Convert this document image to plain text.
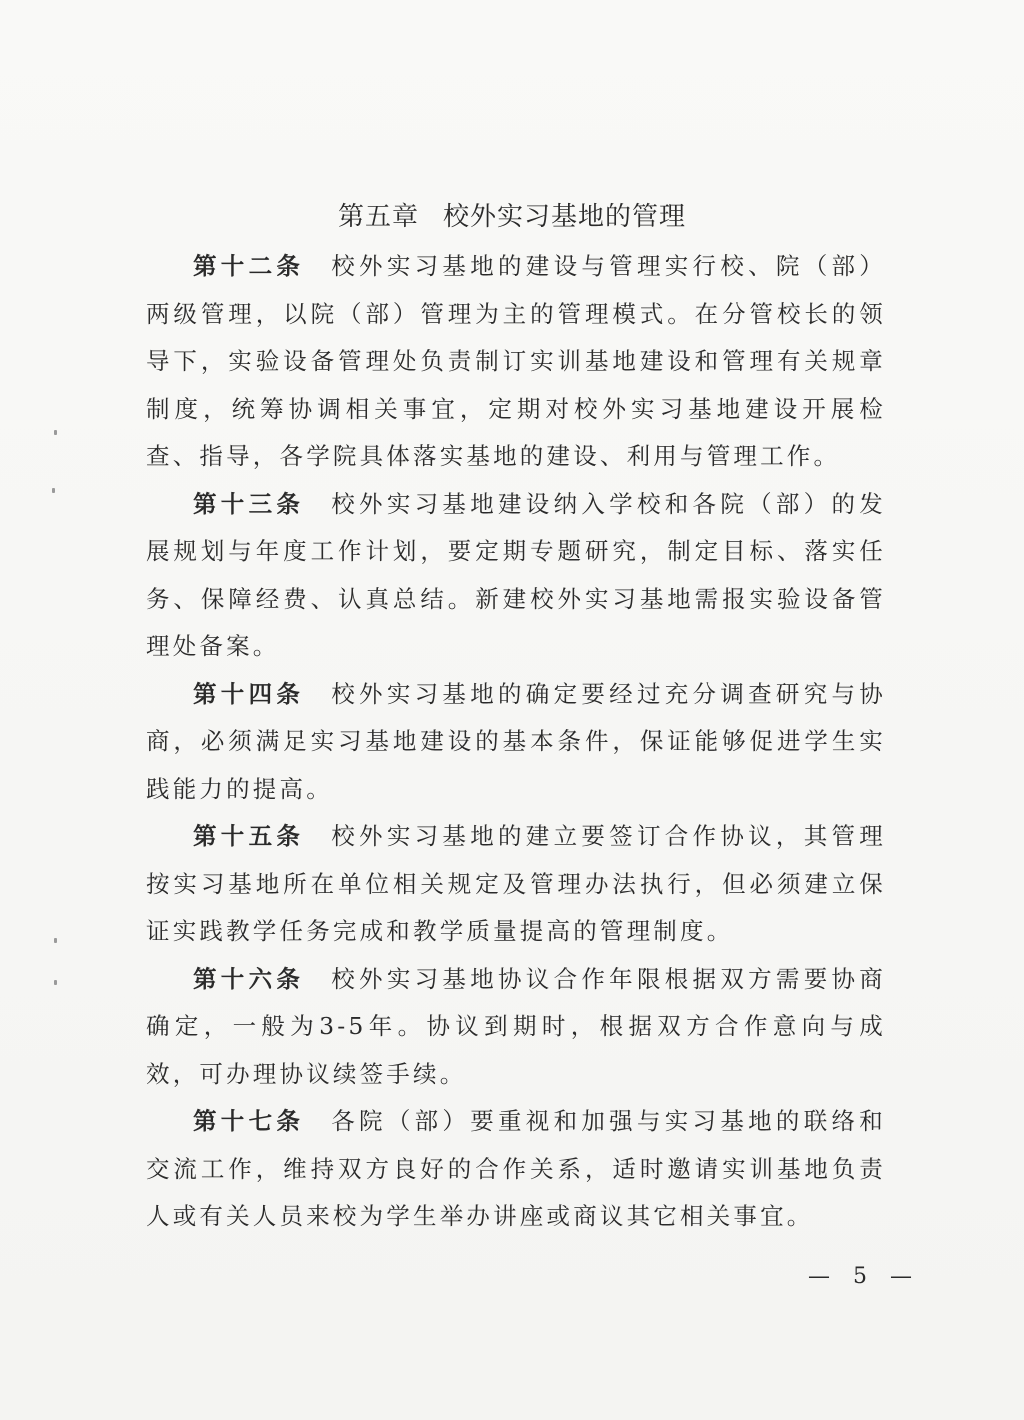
第五章 校外实习基地的管理

第十二条 校外实习基地的建设与管理实行校、院（部）两级管理，以院（部）管理为主的管理模式。在分管校长的领导下，实验设备管理处负责制订实训基地建设和管理有关规章制度，统筹协调相关事宜，定期对校外实习基地建设开展检查、指导，各学院具体落实基地的建设、利用与管理工作。

第十三条 校外实习基地建设纳入学校和各院（部）的发展规划与年度工作计划，要定期专题研究，制定目标、落实任务、保障经费、认真总结。新建校外实习基地需报实验设备管理处备案。

第十四条 校外实习基地的确定要经过充分调查研究与协商，必须满足实习基地建设的基本条件，保证能够促进学生实践能力的提高。

第十五条 校外实习基地的建立要签订合作协议，其管理按实习基地所在单位相关规定及管理办法执行，但必须建立保证实践教学任务完成和教学质量提高的管理制度。

第十六条 校外实习基地协议合作年限根据双方需要协商确定，一般为3-5年。协议到期时，根据双方合作意向与成效，可办理协议续签手续。

第十七条 各院（部）要重视和加强与实习基地的联络和交流工作，维持双方良好的合作关系，适时邀请实训基地负责人或有关人员来校为学生举办讲座或商议其它相关事宜。

— 5 —
